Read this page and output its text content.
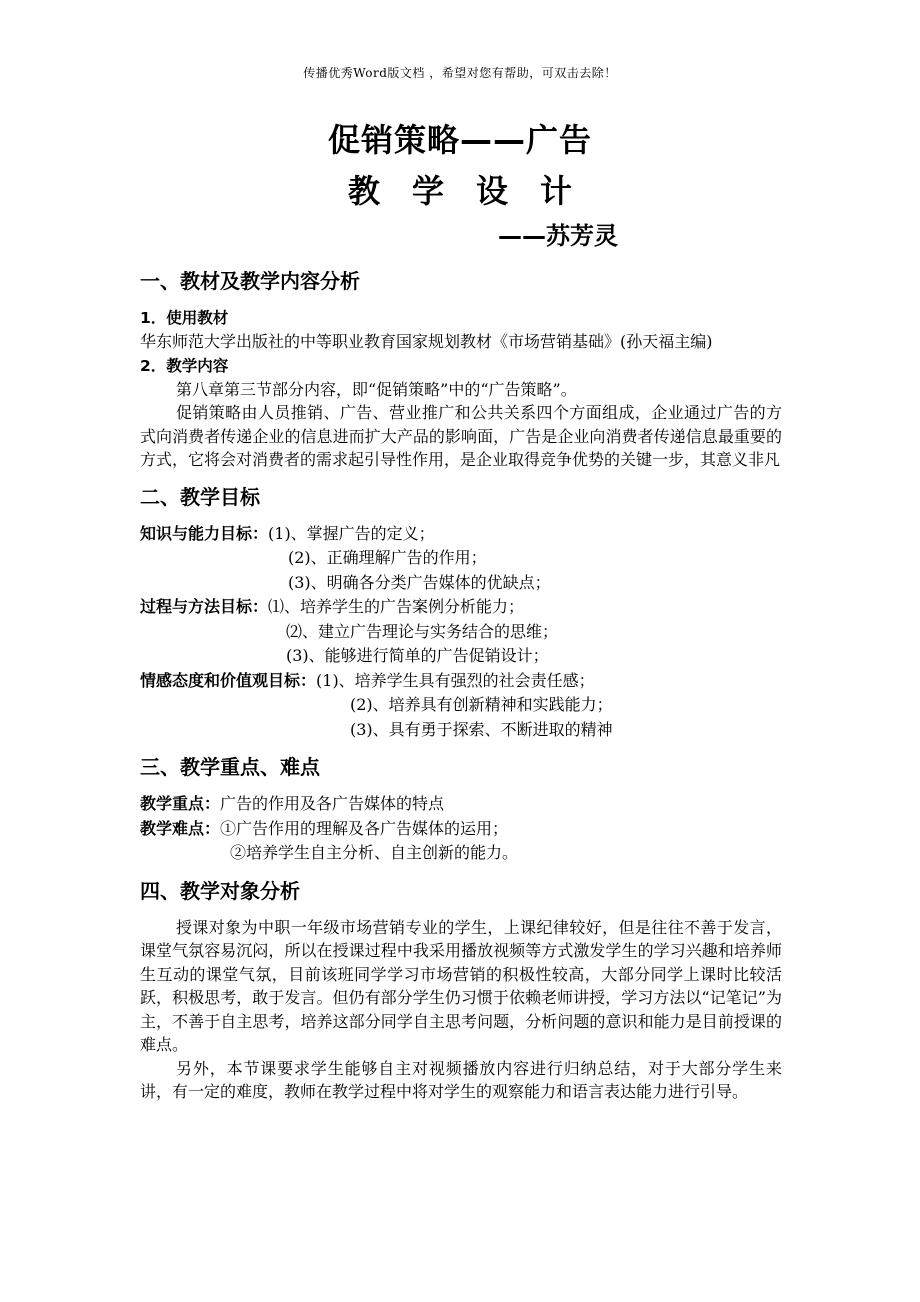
传播优秀Word版文档 ，希望对您有帮助，可双击去除！
促销策略——广告
教学设计
——苏芳灵
一、教材及教学内容分析
1．使用教材

华东师范大学出版社的中等职业教育国家规划教材《市场营销基础》(孙天福主编)

2．教学内容

第八章第三节部分内容，即“促销策略”中的“广告策略”。

促销策略由人员推销、广告、营业推广和公共关系四个方面组成，企业通过广告的方式向消费者传递企业的信息进而扩大产品的影响面，广告是企业向消费者传递信息最重要的方式，它将会对消费者的需求起引导性作用，是企业取得竞争优势的关键一步，其意义非凡

二、教学目标
知识与能力目标：(1)、掌握广告的定义；
(2)、正确理解广告的作用；
(3)、明确各分类广告媒体的优缺点；
过程与方法目标：⑴、培养学生的广告案例分析能力；
⑵、建立广告理论与实务结合的思维；
(3)、能够进行简单的广告促销设计；
情感态度和价值观目标：(1)、培养学生具有强烈的社会责任感；
(2)、培养具有创新精神和实践能力；
(3)、具有勇于探索、不断进取的精神
三、教学重点、难点
教学重点：广告的作用及各广告媒体的特点
教学难点：①广告作用的理解及各广告媒体的运用；
②培养学生自主分析、自主创新的能力。
四、教学对象分析

授课对象为中职一年级市场营销专业的学生，上课纪律较好，但是往往不善于发言，课堂气氛容易沉闷，所以在授课过程中我采用播放视频等方式激发学生的学习兴趣和培养师生互动的课堂气氛，目前该班同学学习市场营销的积极性较高，大部分同学上课时比较活跃，积极思考，敢于发言。但仍有部分学生仍习惯于依赖老师讲授，学习方法以“记笔记”为主，不善于自主思考，培养这部分同学自主思考问题，分析问题的意识和能力是目前授课的难点。

另外，本节课要求学生能够自主对视频播放内容进行归纳总结，对于大部分学生来讲，有一定的难度，教师在教学过程中将对学生的观察能力和语言表达能力进行引导。
